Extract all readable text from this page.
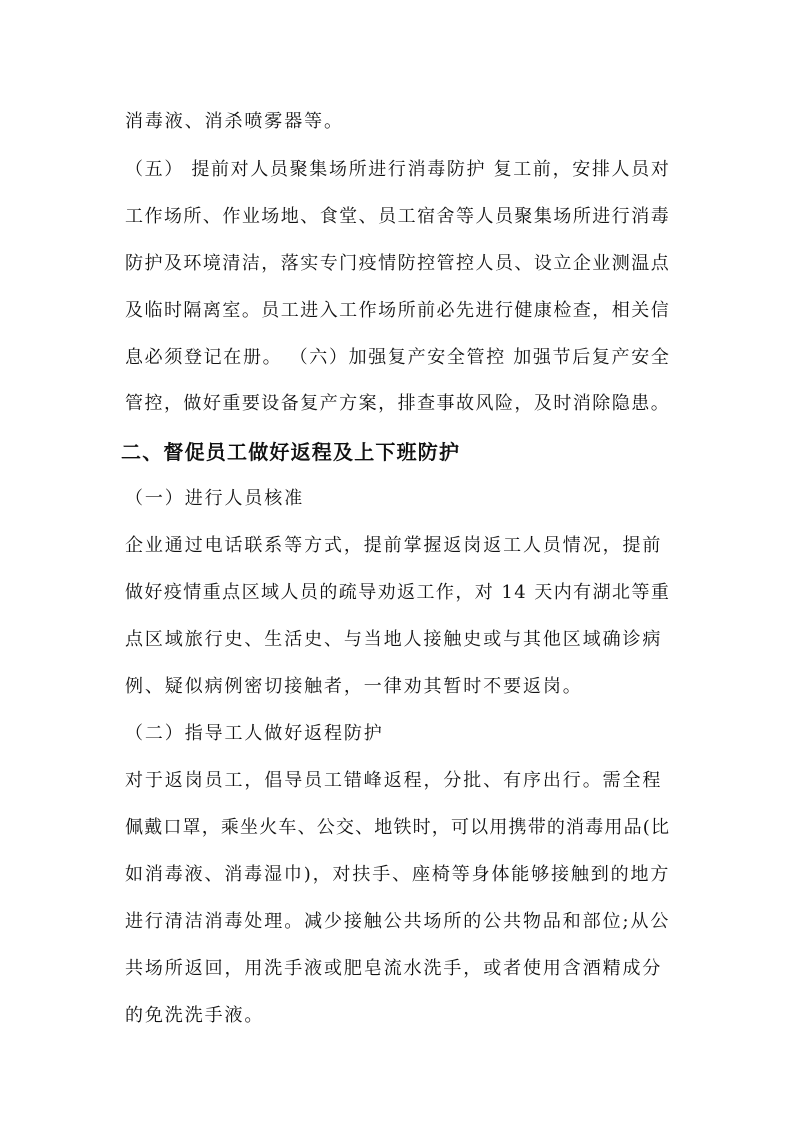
消毒液、消杀喷雾器等。
（五） 提前对人员聚集场所进行消毒防护 复工前，安排人员对
工作场所、作业场地、食堂、员工宿舍等人员聚集场所进行消毒
防护及环境清洁，落实专门疫情防控管控人员、设立企业测温点
及临时隔离室。员工进入工作场所前必先进行健康检查，相关信
息必须登记在册。 （六）加强复产安全管控 加强节后复产安全
管控，做好重要设备复产方案，排查事故风险，及时消除隐患。
二、督促员工做好返程及上下班防护
（一）进行人员核准
企业通过电话联系等方式，提前掌握返岗返工人员情况，提前
做好疫情重点区域人员的疏导劝返工作，对 14 天内有湖北等重
点区域旅行史、生活史、与当地人接触史或与其他区域确诊病
例、疑似病例密切接触者，一律劝其暂时不要返岗。
（二）指导工人做好返程防护
对于返岗员工，倡导员工错峰返程，分批、有序出行。需全程
佩戴口罩，乘坐火车、公交、地铁时，可以用携带的消毒用品(比
如消毒液、消毒湿巾)，对扶手、座椅等身体能够接触到的地方
进行清洁消毒处理。减少接触公共场所的公共物品和部位;从公
共场所返回，用洗手液或肥皂流水洗手，或者使用含酒精成分
的免洗洗手液。
